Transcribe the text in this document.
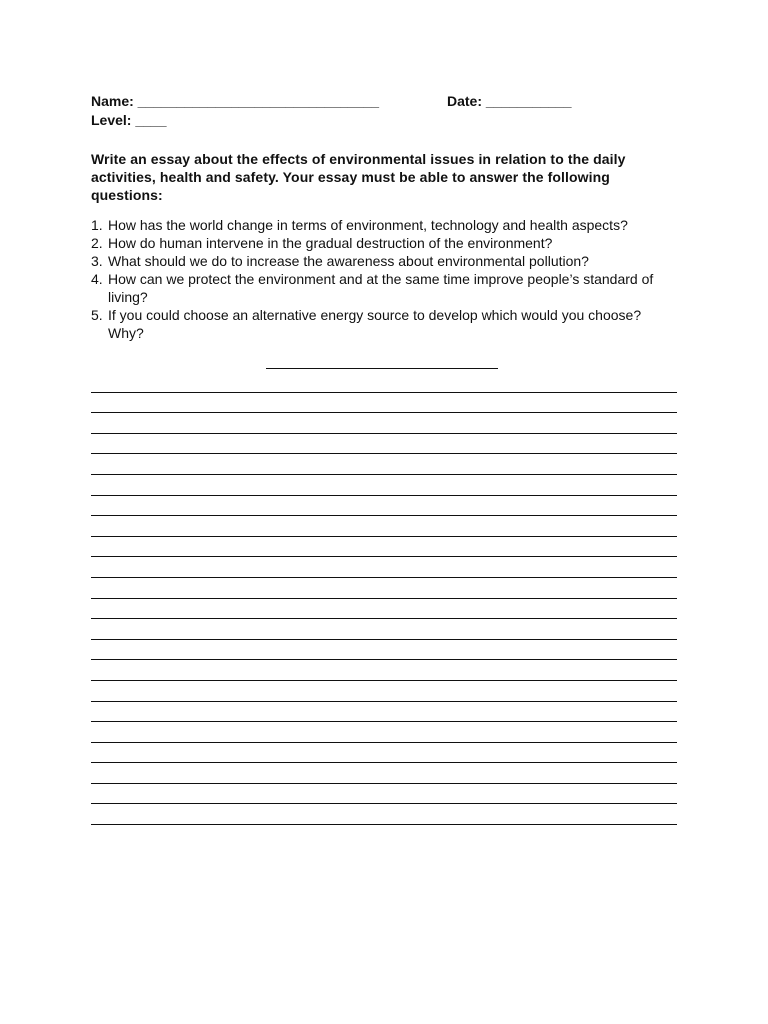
Name: _______________________________	Date: ___________
Level: ____
Write an essay about the effects of environmental issues in relation to the daily activities, health and safety. Your essay must be able to answer the following questions:
1. How has the world change in terms of environment, technology and health aspects?
2. How do human intervene in the gradual destruction of the environment?
3. What should we do to increase the awareness about environmental pollution?
4. How can we protect the environment and at the same time improve people’s standard of living?
5. If you could choose an alternative energy source to develop which would you choose? Why?
